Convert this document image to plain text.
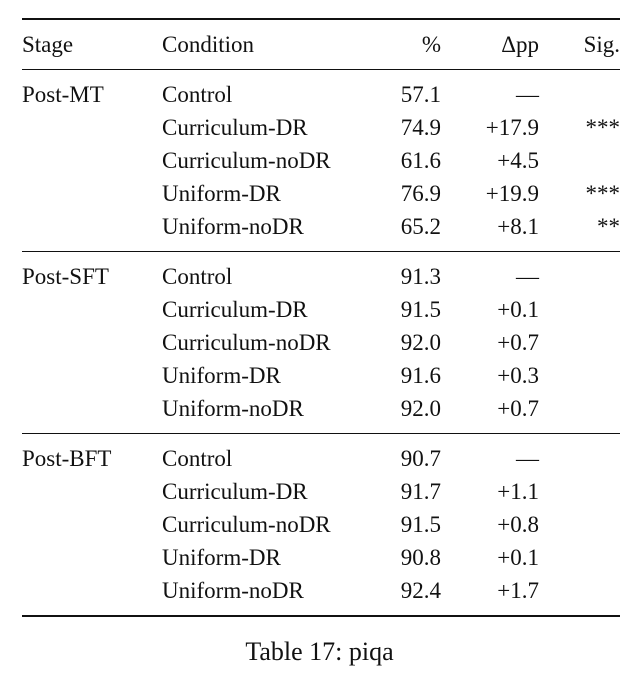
Stage	Condition	%	Δpp	Sig.
Post-MT	Control	57.1	—	
	Curriculum-DR	74.9	+17.9	***
	Curriculum-noDR	61.6	+4.5	
	Uniform-DR	76.9	+19.9	***
	Uniform-noDR	65.2	+8.1	**
Post-SFT	Control	91.3	—	
	Curriculum-DR	91.5	+0.1	
	Curriculum-noDR	92.0	+0.7	
	Uniform-DR	91.6	+0.3	
	Uniform-noDR	92.0	+0.7	
Post-BFT	Control	90.7	—	
	Curriculum-DR	91.7	+1.1	
	Curriculum-noDR	91.5	+0.8	
	Uniform-DR	90.8	+0.1	
	Uniform-noDR	92.4	+1.7	
Table 17: piqa
